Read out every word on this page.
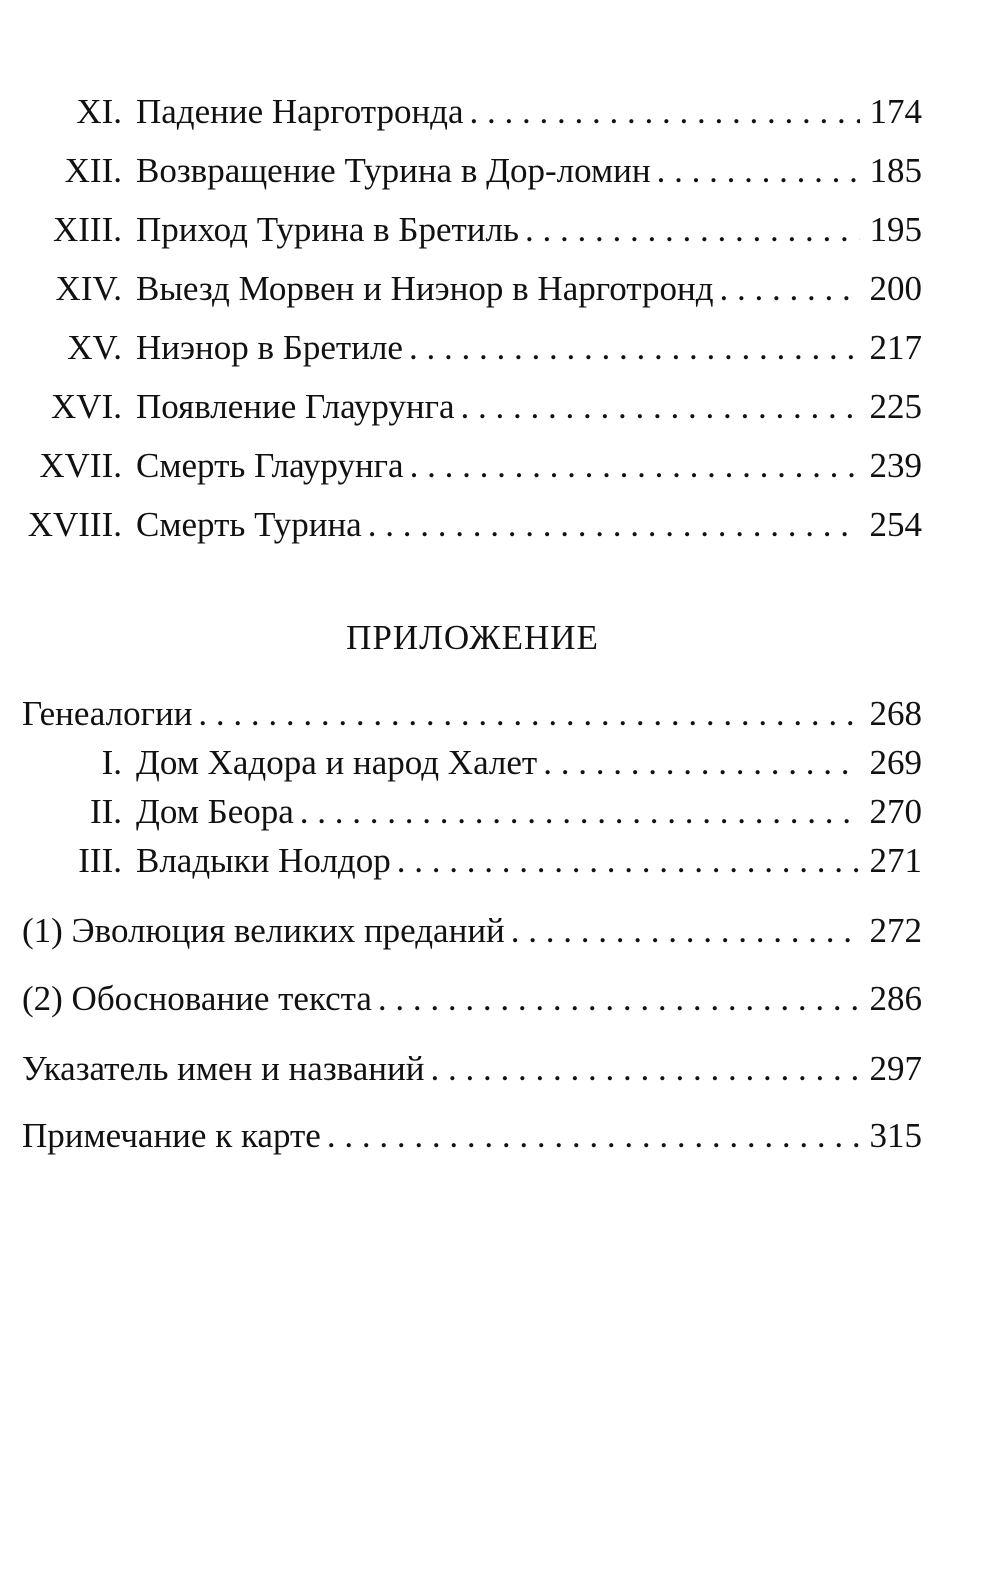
XI. Падение Нарготронда . . .	174
XII. Возвращение Турина в Дор-ломин . . .	185
XIII. Приход Турина в Бретиль . . .	195
XIV. Выезд Морвен и Ниэнор в Нарготронд . . .	200
XV. Ниэнор в Бретиле . . .	217
XVI. Появление Глаурунга . . .	225
XVII. Смерть Глаурунга . . .	239
XVIII. Смерть Турина . . .	254
ПРИЛОЖЕНИЕ
Генеалогии . . .	268
I. Дом Хадора и народ Халет . . .	269
II. Дом Беора . . .	270
III. Владыки Нолдор . . .	271
(1) Эволюция великих преданий . . .	272
(2) Обоснование текста . . .	286
Указатель имен и названий . . .	297
Примечание к карте . . .	315
